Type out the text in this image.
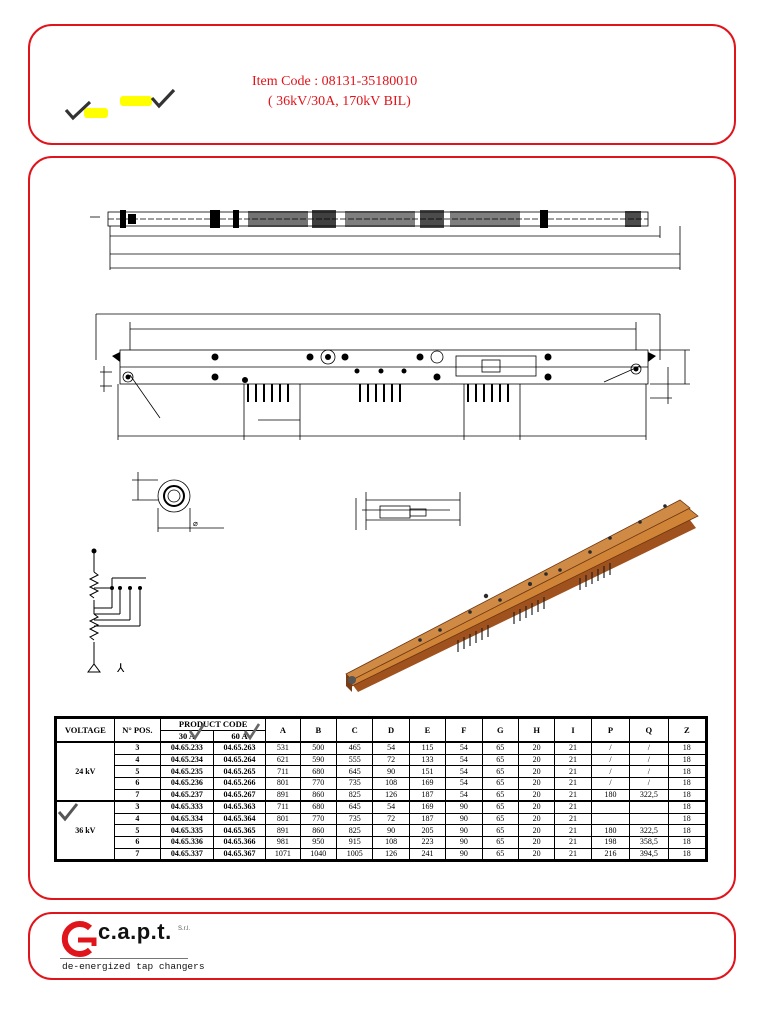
Item Code : 08131-35180010
( 36kV/30A, 170kV BIL)
⌀
⅄
VOLTAGE	N° POS.	PRODUCT CODE		A	B	C	D	E	F	G	H	I	P	Q	Z
		30 A	60 A												

24 kV	3	04.65.233	04.65.263	531	500	465	54	115	54	65	20	21	/	/	18
	4	04.65.234	04.65.264	621	590	555	72	133	54	65	20	21	/	/	18
	5	04.65.235	04.65.265	711	680	645	90	151	54	65	20	21	/	/	18
	6	04.65.236	04.65.266	801	770	735	108	169	54	65	20	21	/	/	18
	7	04.65.237	04.65.267	891	860	825	126	187	54	65	20	21	180	322,5	18

36 kV	3	04.65.333	04.65.363	711	680	645	54	169	90	65	20	21			18
	4	04.65.334	04.65.364	801	770	735	72	187	90	65	20	21			18
	5	04.65.335	04.65.365	891	860	825	90	205	90	65	20	21	180	322,5	18
	6	04.65.336	04.65.366	981	950	915	108	223	90	65	20	21	198	358,5	18
	7	04.65.337	04.65.367	1071	1040	1005	126	241	90	65	20	21	216	394,5	18
c.a.p.t. S.r.l.
de-energized tap changers
